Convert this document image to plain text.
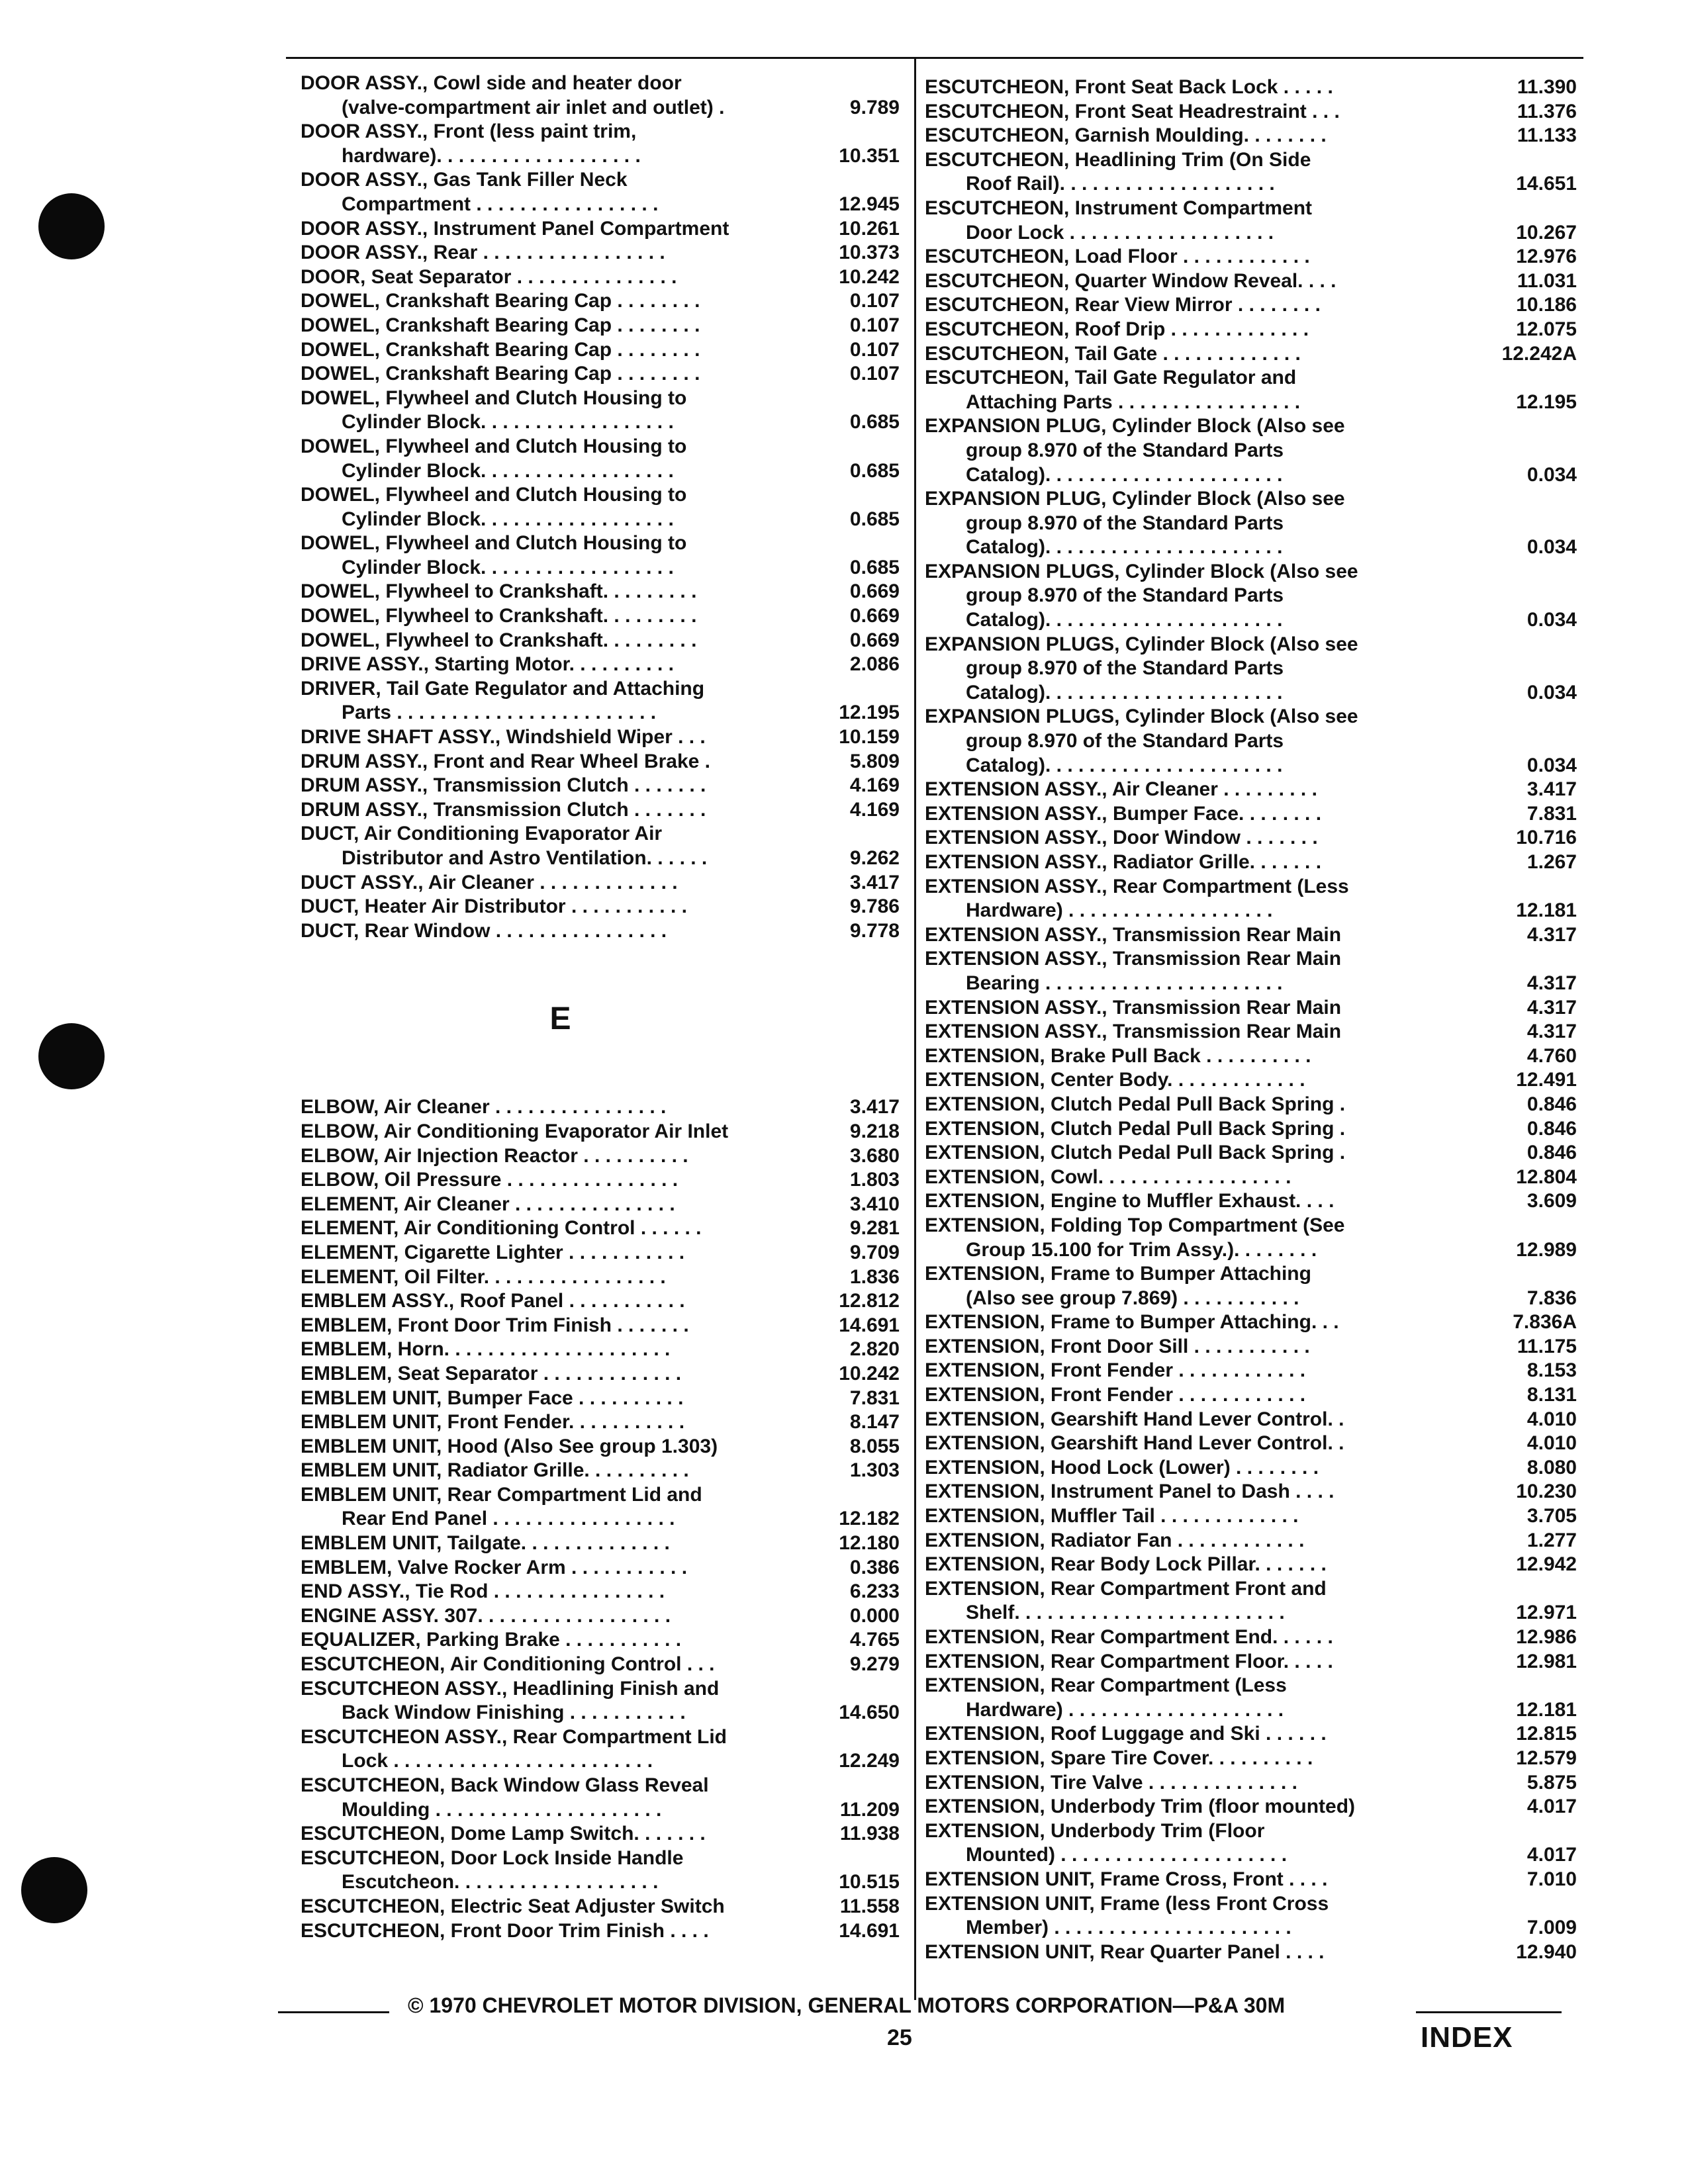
DOOR ASSY., Cowl side and heater door
(valve-compartment air inlet and outlet) .	9.789
DOOR ASSY., Front (less paint trim,
hardware). . . . . . . . . . . . . . . . . . .	10.351
DOOR ASSY., Gas Tank Filler Neck
Compartment . . . . . . . . . . . . . . . . .	12.945
DOOR ASSY., Instrument Panel Compartment	10.261
DOOR ASSY., Rear . . . . . . . . . . . . . . . . .	10.373
DOOR, Seat Separator . . . . . . . . . . . . . . .	10.242
DOWEL, Crankshaft Bearing Cap . . . . . . . .	0.107
DOWEL, Crankshaft Bearing Cap . . . . . . . .	0.107
DOWEL, Crankshaft Bearing Cap . . . . . . . .	0.107
DOWEL, Crankshaft Bearing Cap . . . . . . . .	0.107
DOWEL, Flywheel and Clutch Housing to
Cylinder Block. . . . . . . . . . . . . . . . . .	0.685
DOWEL, Flywheel and Clutch Housing to
Cylinder Block. . . . . . . . . . . . . . . . . .	0.685
DOWEL, Flywheel and Clutch Housing to
Cylinder Block. . . . . . . . . . . . . . . . . .	0.685
DOWEL, Flywheel and Clutch Housing to
Cylinder Block. . . . . . . . . . . . . . . . . .	0.685
DOWEL, Flywheel to Crankshaft. . . . . . . . .	0.669
DOWEL, Flywheel to Crankshaft. . . . . . . . .	0.669
DOWEL, Flywheel to Crankshaft. . . . . . . . .	0.669
DRIVE ASSY., Starting Motor. . . . . . . . . .	2.086
DRIVER, Tail Gate Regulator and Attaching
Parts . . . . . . . . . . . . . . . . . . . . . . . .	12.195
DRIVE SHAFT ASSY., Windshield Wiper . . .	10.159
DRUM ASSY., Front and Rear Wheel Brake .	5.809
DRUM ASSY., Transmission Clutch . . . . . . .	4.169
DRUM ASSY., Transmission Clutch . . . . . . .	4.169
DUCT, Air Conditioning Evaporator Air
Distributor and Astro Ventilation. . . . . .	9.262
DUCT ASSY., Air Cleaner . . . . . . . . . . . . .	3.417
DUCT, Heater Air Distributor . . . . . . . . . . .	9.786
DUCT, Rear Window . . . . . . . . . . . . . . . .	9.778
E
ELBOW, Air Cleaner . . . . . . . . . . . . . . . .	3.417
ELBOW, Air Conditioning Evaporator Air Inlet	9.218
ELBOW, Air Injection Reactor . . . . . . . . . .	3.680
ELBOW, Oil Pressure . . . . . . . . . . . . . . . .	1.803
ELEMENT, Air Cleaner . . . . . . . . . . . . . . .	3.410
ELEMENT, Air Conditioning Control . . . . . .	9.281
ELEMENT, Cigarette Lighter . . . . . . . . . . .	9.709
ELEMENT, Oil Filter. . . . . . . . . . . . . . . . .	1.836
EMBLEM ASSY., Roof Panel . . . . . . . . . . .	12.812
EMBLEM, Front Door Trim Finish . . . . . . .	14.691
EMBLEM, Horn. . . . . . . . . . . . . . . . . . . . .	2.820
EMBLEM, Seat Separator . . . . . . . . . . . . .	10.242
EMBLEM UNIT, Bumper Face . . . . . . . . . .	7.831
EMBLEM UNIT, Front Fender. . . . . . . . . . .	8.147
EMBLEM UNIT, Hood (Also See group 1.303)	8.055
EMBLEM UNIT, Radiator Grille. . . . . . . . . .	1.303
EMBLEM UNIT, Rear Compartment Lid and
Rear End Panel . . . . . . . . . . . . . . . . .	12.182
EMBLEM UNIT, Tailgate. . . . . . . . . . . . . .	12.180
EMBLEM, Valve Rocker Arm . . . . . . . . . . .	0.386
END ASSY., Tie Rod . . . . . . . . . . . . . . . .	6.233
ENGINE ASSY. 307. . . . . . . . . . . . . . . . . .	0.000
EQUALIZER, Parking Brake . . . . . . . . . . .	4.765
ESCUTCHEON, Air Conditioning Control . . .	9.279
ESCUTCHEON ASSY., Headlining Finish and
Back Window Finishing . . . . . . . . . . .	14.650
ESCUTCHEON ASSY., Rear Compartment Lid
Lock . . . . . . . . . . . . . . . . . . . . . . . .	12.249
ESCUTCHEON, Back Window Glass Reveal
Moulding . . . . . . . . . . . . . . . . . . . . .	11.209
ESCUTCHEON, Dome Lamp Switch. . . . . . .	11.938
ESCUTCHEON, Door Lock Inside Handle
Escutcheon. . . . . . . . . . . . . . . . . . .	10.515
ESCUTCHEON, Electric Seat Adjuster Switch	11.558
ESCUTCHEON, Front Door Trim Finish . . . .	14.691
ESCUTCHEON, Front Seat Back Lock . . . . .	11.390
ESCUTCHEON, Front Seat Headrestraint . . .	11.376
ESCUTCHEON, Garnish Moulding. . . . . . . .	11.133
ESCUTCHEON, Headlining Trim (On Side
Roof Rail). . . . . . . . . . . . . . . . . . . .	14.651
ESCUTCHEON, Instrument Compartment
Door Lock . . . . . . . . . . . . . . . . . . .	10.267
ESCUTCHEON, Load Floor . . . . . . . . . . . .	12.976
ESCUTCHEON, Quarter Window Reveal. . . .	11.031
ESCUTCHEON, Rear View Mirror . . . . . . . .	10.186
ESCUTCHEON, Roof Drip . . . . . . . . . . . . .	12.075
ESCUTCHEON, Tail Gate . . . . . . . . . . . . .	12.242A
ESCUTCHEON, Tail Gate Regulator and
Attaching Parts . . . . . . . . . . . . . . . . .	12.195
EXPANSION PLUG, Cylinder Block (Also see
group 8.970 of the Standard Parts
Catalog). . . . . . . . . . . . . . . . . . . . . .	0.034
EXPANSION PLUG, Cylinder Block (Also see
group 8.970 of the Standard Parts
Catalog). . . . . . . . . . . . . . . . . . . . . .	0.034
EXPANSION PLUGS, Cylinder Block (Also see
group 8.970 of the Standard Parts
Catalog). . . . . . . . . . . . . . . . . . . . . .	0.034
EXPANSION PLUGS, Cylinder Block (Also see
group 8.970 of the Standard Parts
Catalog). . . . . . . . . . . . . . . . . . . . . .	0.034
EXPANSION PLUGS, Cylinder Block (Also see
group 8.970 of the Standard Parts
Catalog). . . . . . . . . . . . . . . . . . . . . .	0.034
EXTENSION ASSY., Air Cleaner . . . . . . . . .	3.417
EXTENSION ASSY., Bumper Face. . . . . . . .	7.831
EXTENSION ASSY., Door Window . . . . . . .	10.716
EXTENSION ASSY., Radiator Grille. . . . . . .	1.267
EXTENSION ASSY., Rear Compartment (Less
Hardware) . . . . . . . . . . . . . . . . . . .	12.181
EXTENSION ASSY., Transmission Rear Main	4.317
EXTENSION ASSY., Transmission Rear Main
Bearing . . . . . . . . . . . . . . . . . . . . . .	4.317
EXTENSION ASSY., Transmission Rear Main	4.317
EXTENSION ASSY., Transmission Rear Main	4.317
EXTENSION, Brake Pull Back . . . . . . . . . .	4.760
EXTENSION, Center Body. . . . . . . . . . . . .	12.491
EXTENSION, Clutch Pedal Pull Back Spring .	0.846
EXTENSION, Clutch Pedal Pull Back Spring .	0.846
EXTENSION, Clutch Pedal Pull Back Spring .	0.846
EXTENSION, Cowl. . . . . . . . . . . . . . . . . .	12.804
EXTENSION, Engine to Muffler Exhaust. . . .	3.609
EXTENSION, Folding Top Compartment (See
Group 15.100 for Trim Assy.). . . . . . . .	12.989
EXTENSION, Frame to Bumper Attaching
(Also see group 7.869) . . . . . . . . . . .	7.836
EXTENSION, Frame to Bumper Attaching. . .	7.836A
EXTENSION, Front Door Sill . . . . . . . . . . .	11.175
EXTENSION, Front Fender . . . . . . . . . . . .	8.153
EXTENSION, Front Fender . . . . . . . . . . . .	8.131
EXTENSION, Gearshift Hand Lever Control. .	4.010
EXTENSION, Gearshift Hand Lever Control. .	4.010
EXTENSION, Hood Lock (Lower) . . . . . . . .	8.080
EXTENSION, Instrument Panel to Dash . . . .	10.230
EXTENSION, Muffler Tail . . . . . . . . . . . . .	3.705
EXTENSION, Radiator Fan . . . . . . . . . . . .	1.277
EXTENSION, Rear Body Lock Pillar. . . . . . .	12.942
EXTENSION, Rear Compartment Front and
Shelf. . . . . . . . . . . . . . . . . . . . . . . . .	12.971
EXTENSION, Rear Compartment End. . . . . .	12.986
EXTENSION, Rear Compartment Floor. . . . .	12.981
EXTENSION, Rear Compartment (Less
Hardware) . . . . . . . . . . . . . . . . . . . .	12.181
EXTENSION, Roof Luggage and Ski . . . . . .	12.815
EXTENSION, Spare Tire Cover. . . . . . . . . .	12.579
EXTENSION, Tire Valve . . . . . . . . . . . . . .	5.875
EXTENSION, Underbody Trim (floor mounted)	4.017
EXTENSION, Underbody Trim (Floor
Mounted) . . . . . . . . . . . . . . . . . . . . .	4.017
EXTENSION UNIT, Frame Cross, Front . . . .	7.010
EXTENSION UNIT, Frame (less Front Cross
Member) . . . . . . . . . . . . . . . . . . . . . .	7.009
EXTENSION UNIT, Rear Quarter Panel . . . .	12.940
© 1970 CHEVROLET MOTOR DIVISION, GENERAL MOTORS CORPORATION—P&A 30M
25	INDEX
